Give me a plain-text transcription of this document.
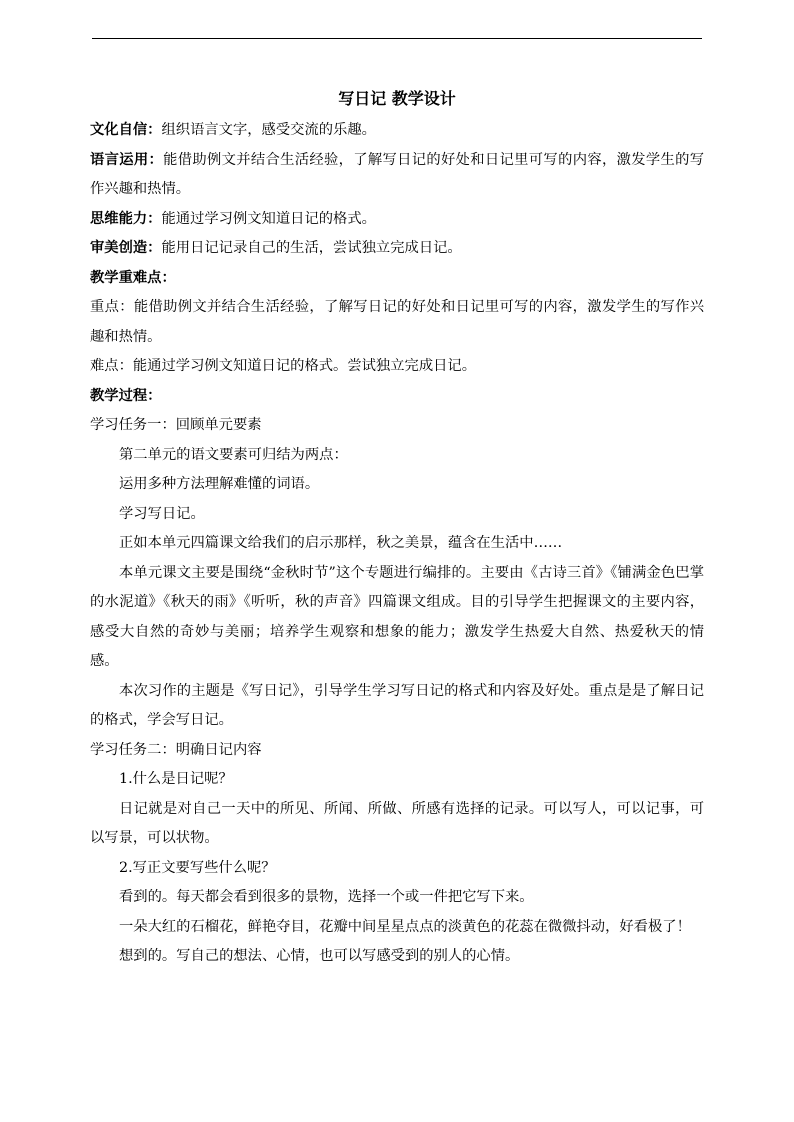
写日记 教学设计

文化自信：组织语言文字，感受交流的乐趣。

语言运用：能借助例文并结合生活经验，了解写日记的好处和日记里可写的内容，激发学生的写作兴趣和热情。

思维能力：能通过学习例文知道日记的格式。

审美创造：能用日记记录自己的生活，尝试独立完成日记。

教学重难点：

重点：能借助例文并结合生活经验，了解写日记的好处和日记里可写的内容，激发学生的写作兴趣和热情。

难点：能通过学习例文知道日记的格式。尝试独立完成日记。

教学过程：

学习任务一：回顾单元要素

第二单元的语文要素可归结为两点：

运用多种方法理解难懂的词语。

学习写日记。

正如本单元四篇课文给我们的启示那样，秋之美景，蕴含在生活中……

本单元课文主要是围绕“金秋时节”这个专题进行编排的。主要由《古诗三首》《铺满金色巴掌的水泥道》《秋天的雨》《听听，秋的声音》四篇课文组成。目的引导学生把握课文的主要内容，感受大自然的奇妙与美丽；培养学生观察和想象的能力；激发学生热爱大自然、热爱秋天的情感。

本次习作的主题是《写日记》，引导学生学习写日记的格式和内容及好处。重点是是了解日记的格式，学会写日记。

学习任务二：明确日记内容

1.什么是日记呢？

日记就是对自己一天中的所见、所闻、所做、所感有选择的记录。可以写人，可以记事，可以写景，可以状物。

2.写正文要写些什么呢？

看到的。每天都会看到很多的景物，选择一个或一件把它写下来。

一朵大红的石榴花，鲜艳夺目，花瓣中间星星点点的淡黄色的花蕊在微微抖动，好看极了！

想到的。写自己的想法、心情，也可以写感受到的别人的心情。
